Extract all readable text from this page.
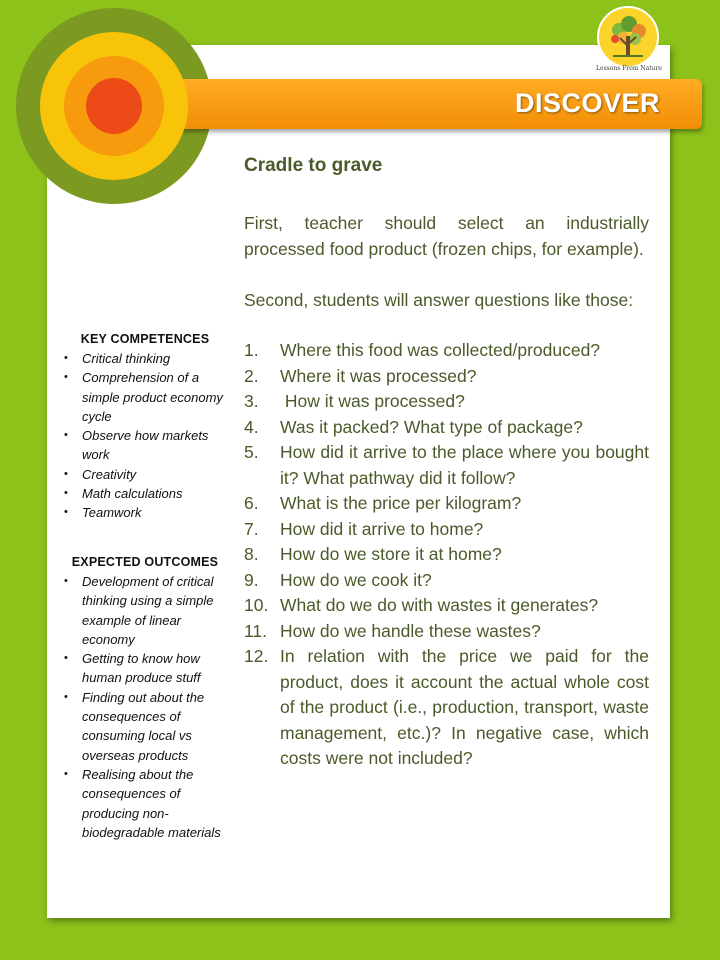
DISCOVER
Lessons From Nature
KEY COMPETENCES
• Critical thinking
• Comprehension of a simple product economy cycle
• Observe how markets work
• Creativity
• Math calculations
• Teamwork
EXPECTED OUTCOMES
• Development of critical thinking using a simple example of linear economy
• Getting to know how human produce stuff
• Finding out about the consequences of consuming local vs overseas products
• Realising about the consequences of producing non-biodegradable materials
Cradle to grave

First, teacher should select an industrially processed food product (frozen chips, for example).

Second, students will answer questions like those:

1. Where this food was collected/produced?
2. Where it was processed?
3. How it was processed?
4. Was it packed? What type of package?
5. How did it arrive to the place where you bought it? What pathway did it follow?
6. What is the price per kilogram?
7. How did it arrive to home?
8. How do we store it at home?
9. How do we cook it?
10. What do we do with wastes it generates?
11. How do we handle these wastes?
12. In relation with the price we paid for the product, does it account the actual whole cost of the product (i.e., production, transport, waste management, etc.)? In negative case, which costs were not included?
